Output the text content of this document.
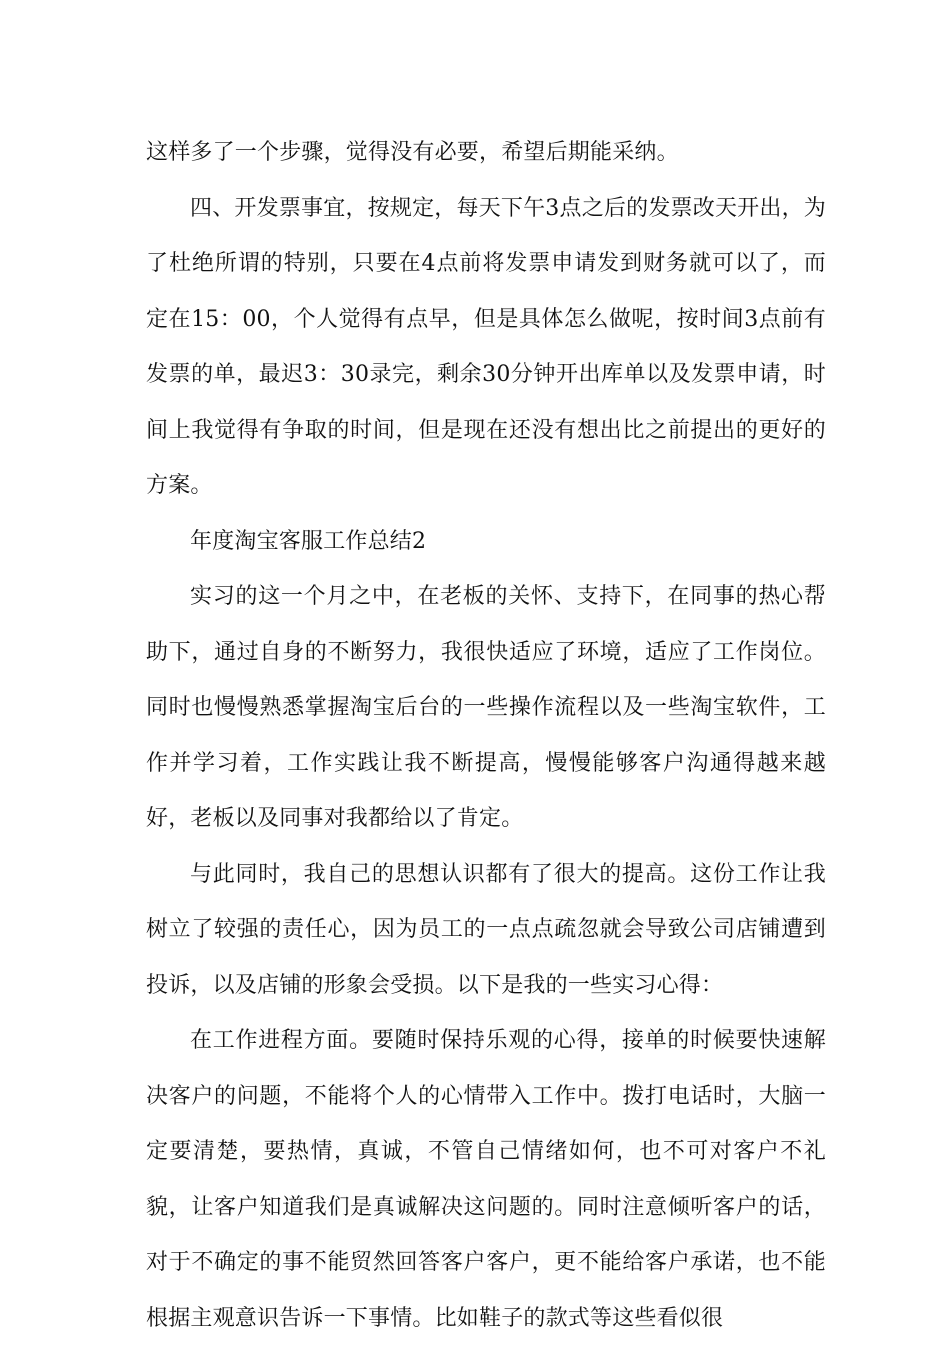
这样多了一个步骤，觉得没有必要，希望后期能采纳。

四、开发票事宜，按规定，每天下午3点之后的发票改天开出，为了杜绝所谓的特别，只要在4点前将发票申请发到财务就可以了，而定在15：00，个人觉得有点早，但是具体怎么做呢，按时间3点前有发票的单，最迟3：30录完，剩余30分钟开出库单以及发票申请，时间上我觉得有争取的时间，但是现在还没有想出比之前提出的更好的方案。

年度淘宝客服工作总结2

实习的这一个月之中，在老板的关怀、支持下，在同事的热心帮助下，通过自身的不断努力，我很快适应了环境，适应了工作岗位。同时也慢慢熟悉掌握淘宝后台的一些操作流程以及一些淘宝软件，工作并学习着，工作实践让我不断提高，慢慢能够客户沟通得越来越好，老板以及同事对我都给以了肯定。

与此同时，我自己的思想认识都有了很大的提高。这份工作让我树立了较强的责任心，因为员工的一点点疏忽就会导致公司店铺遭到投诉，以及店铺的形象会受损。以下是我的一些实习心得：

在工作进程方面。要随时保持乐观的心得，接单的时候要快速解决客户的问题，不能将个人的心情带入工作中。拨打电话时，大脑一定要清楚，要热情，真诚，不管自己情绪如何，也不可对客户不礼貌，让客户知道我们是真诚解决这问题的。同时注意倾听客户的话，对于不确定的事不能贸然回答客户客户，更不能给客户承诺，也不能根据主观意识告诉一下事情。比如鞋子的款式等这些看似很
